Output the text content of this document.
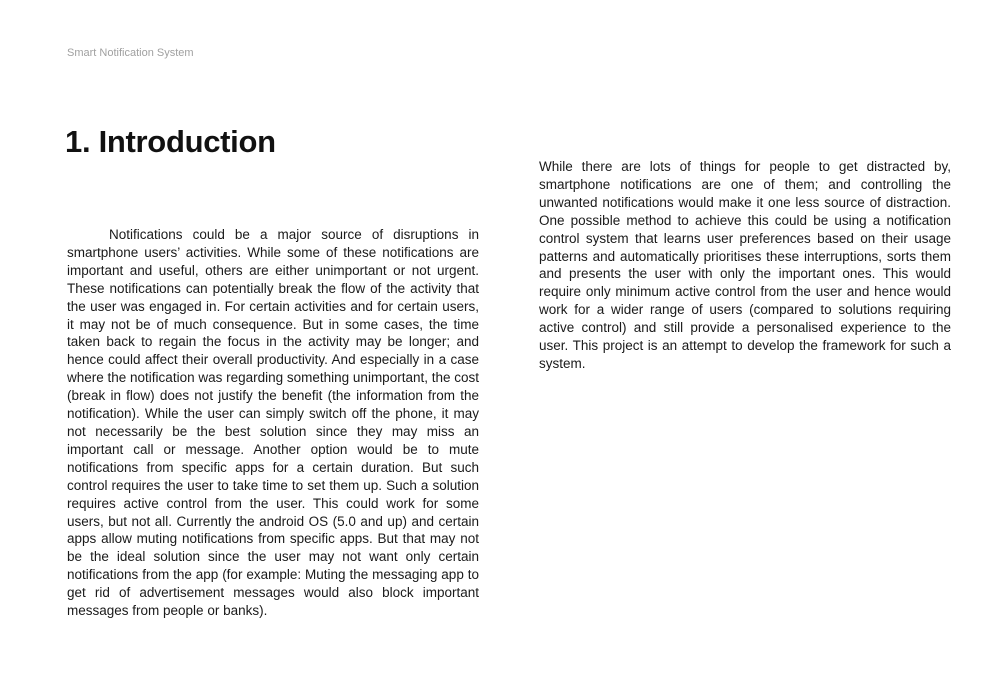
Smart Notification System
1. Introduction

Notifications could be a major source of disruptions in smartphone users’ activities. While some of these notifications are important and useful, others are either unimportant or not urgent. These notifications can potentially break the flow of the activity that the user was engaged in. For certain activities and for certain users, it may not be of much consequence. But in some cases, the time taken back to regain the focus in the activity may be longer; and hence could affect their overall productivity. And especially in a case where the notification was regarding something unimportant, the cost (break in flow) does not justify the benefit (the information from the notification). While the user can simply switch off the phone, it may not necessarily be the best solution since they may miss an important call or message. Another option would be to mute notifications from specific apps for a certain duration. But such control requires the user to take time to set them up. Such a solution requires active control from the user. This could work for some users, but not all. Currently the android OS (5.0 and up) and certain apps allow muting notifications from specific apps. But that may not be the ideal solution since the user may not want only certain notifications from the app (for example: Muting the messaging app to get rid of advertisement messages would also block important messages from people or banks).

While there are lots of things for people to get distracted by, smartphone notifications are one of them; and controlling the unwanted notifications would make it one less source of distraction. One possible method to achieve this could be using a notification control system that learns user preferences based on their usage patterns and automatically prioritises these interruptions, sorts them and presents the user with only the important ones. This would require only minimum active control from the user and hence would work for a wider range of users (compared to solutions requiring active control) and still provide a personalised experience to the user. This project is an attempt to develop the framework for such a system.
